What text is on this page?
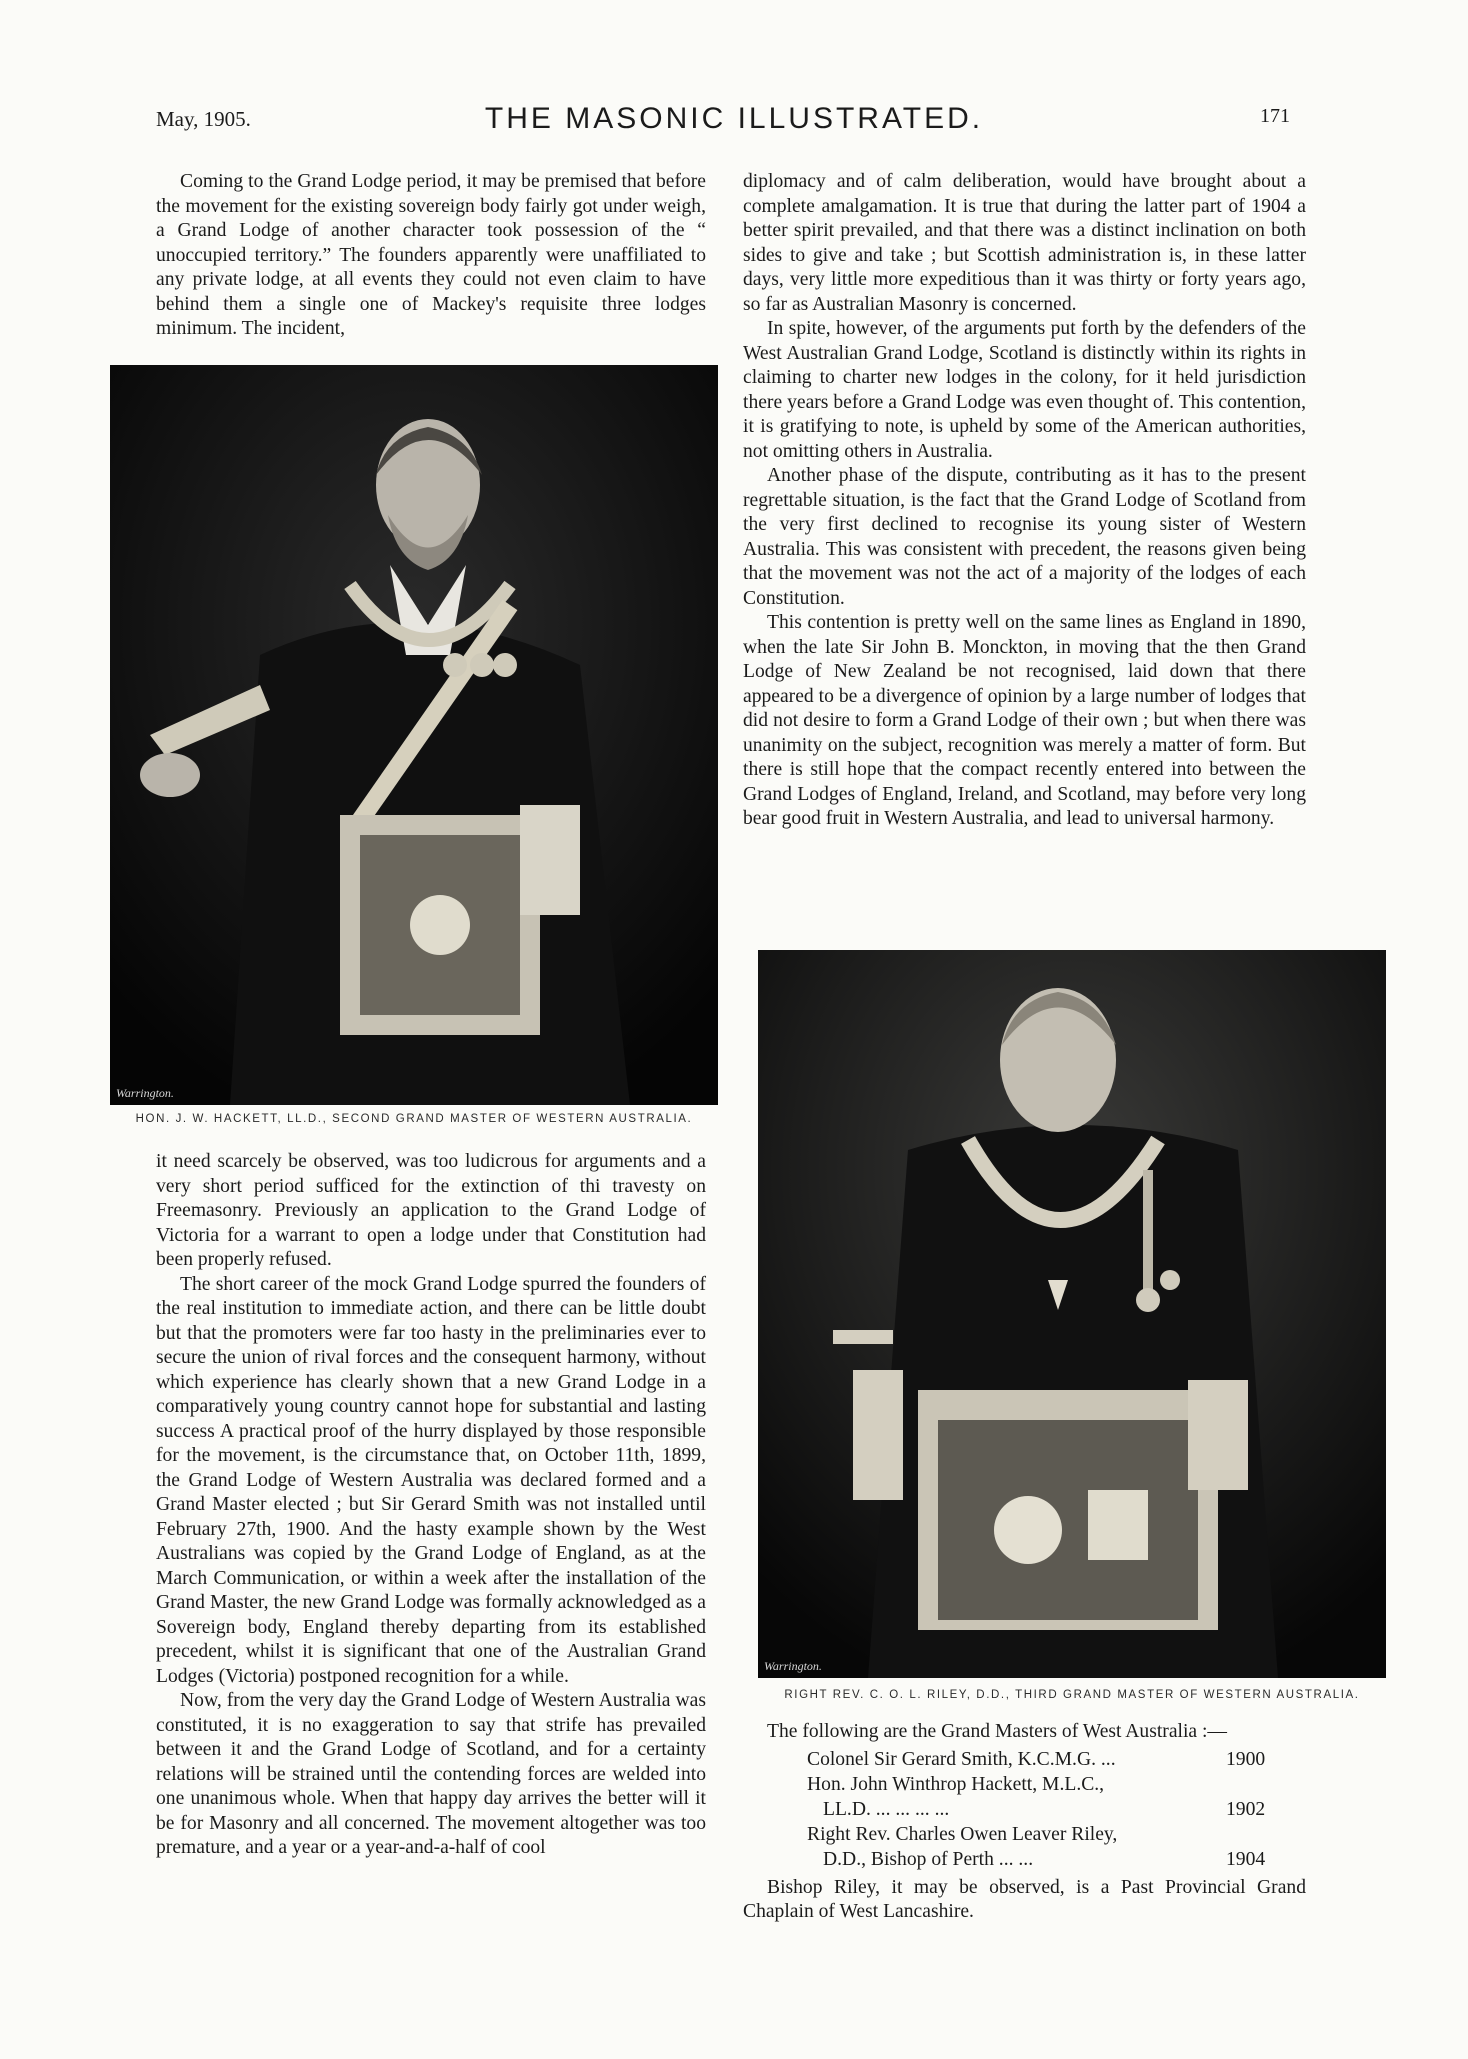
May, 1905.	THE MASONIC ILLUSTRATED.	171

Coming to the Grand Lodge period, it may be premised that before the movement for the existing sovereign body fairly got under weigh, a Grand Lodge of another character took possession of the “ unoccupied territory.” The founders apparently were unaffiliated to any private lodge, at all events they could not even claim to have behind them a single one of Mackey's requisite three lodges minimum. The incident,

Warrington.
HON. J. W. HACKETT, LL.D., SECOND GRAND MASTER OF WESTERN AUSTRALIA.

it need scarcely be observed, was too ludicrous for arguments and a very short period sufficed for the extinction of thi travesty on Freemasonry. Previously an application to the Grand Lodge of Victoria for a warrant to open a lodge under that Constitution had been properly refused.

The short career of the mock Grand Lodge spurred the founders of the real institution to immediate action, and there can be little doubt but that the promoters were far too hasty in the preliminaries ever to secure the union of rival forces and the consequent harmony, without which experience has clearly shown that a new Grand Lodge in a comparatively young country cannot hope for substantial and lasting success A practical proof of the hurry displayed by those responsible for the movement, is the circumstance that, on October 11th, 1899, the Grand Lodge of Western Australia was declared formed and a Grand Master elected ; but Sir Gerard Smith was not installed until February 27th, 1900. And the hasty example shown by the West Australians was copied by the Grand Lodge of England, as at the March Communication, or within a week after the installation of the Grand Master, the new Grand Lodge was formally acknowledged as a Sovereign body, England thereby departing from its established precedent, whilst it is significant that one of the Australian Grand Lodges (Victoria) postponed recognition for a while.

Now, from the very day the Grand Lodge of Western Australia was constituted, it is no exaggeration to say that strife has prevailed between it and the Grand Lodge of Scotland, and for a certainty relations will be strained until the contending forces are welded into one unanimous whole. When that happy day arrives the better will it be for Masonry and all concerned. The movement altogether was too premature, and a year or a year-and-a-half of cool

diplomacy and of calm deliberation, would have brought about a complete amalgamation. It is true that during the latter part of 1904 a better spirit prevailed, and that there was a distinct inclination on both sides to give and take ; but Scottish administration is, in these latter days, very little more expeditious than it was thirty or forty years ago, so far as Australian Masonry is concerned.

In spite, however, of the arguments put forth by the defenders of the West Australian Grand Lodge, Scotland is distinctly within its rights in claiming to charter new lodges in the colony, for it held jurisdiction there years before a Grand Lodge was even thought of. This contention, it is gratifying to note, is upheld by some of the American authorities, not omitting others in Australia.

Another phase of the dispute, contributing as it has to the present regrettable situation, is the fact that the Grand Lodge of Scotland from the very first declined to recognise its young sister of Western Australia. This was consistent with precedent, the reasons given being that the movement was not the act of a majority of the lodges of each Constitution.

This contention is pretty well on the same lines as England in 1890, when the late Sir John B. Monckton, in moving that the then Grand Lodge of New Zealand be not recognised, laid down that there appeared to be a divergence of opinion by a large number of lodges that did not desire to form a Grand Lodge of their own ; but when there was unanimity on the subject, recognition was merely a matter of form. But there is still hope that the compact recently entered into between the Grand Lodges of England, Ireland, and Scotland, may before very long bear good fruit in Western Australia, and lead to universal harmony.

Warrington.
RIGHT REV. C. O. L. RILEY, D.D., THIRD GRAND MASTER OF WESTERN AUSTRALIA.
The following are the Grand Masters of West Australia :—
Colonel Sir Gerard Smith, K.C.M.G. ...	1900
Hon. John Winthrop Hackett, M.L.C.,
LL.D. ... ... ... ...	1902
Right Rev. Charles Owen Leaver Riley,
D.D., Bishop of Perth ... ...	1904

Bishop Riley, it may be observed, is a Past Provincial Grand Chaplain of West Lancashire.
